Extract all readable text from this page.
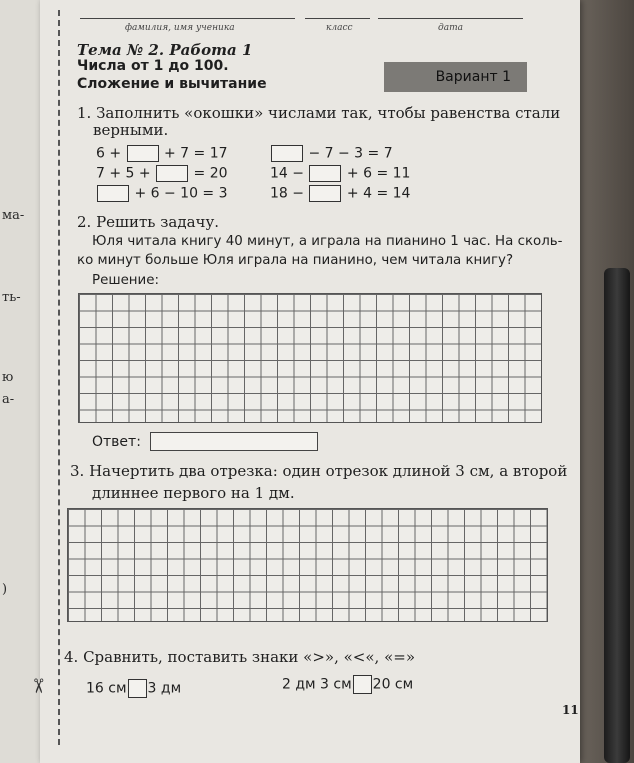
ма-
ть-
ю
а-
)
✂
фамилия, имя ученика	класс	дата
Тема № 2. Работа 1
Числа от 1 до 100.
Сложение и вычитание	Вариант 1
1. Заполнить «окошки» числами так, чтобы равенства стали
верными.
6 +	+ 7 = 17
7 + 5 +	= 20
+ 6 − 10 = 3
− 7 − 3 = 7
14 −	+ 6 = 11
18 −	+ 4 = 14
2. Решить задачу.
Юля читала книгу 40 минут, а играла на пианино 1 час. На сколь-
ко минут больше Юля играла на пианино, чем читала книгу?
Решение:
Ответ:
3. Начертить два отрезка: один отрезок длиной 3 см, а второй
длиннее первого на 1 дм.
4. Сравнить, поставить знаки «>», «<«, «=»
16 см 3 дм	2 дм 3 см 20 см
11
